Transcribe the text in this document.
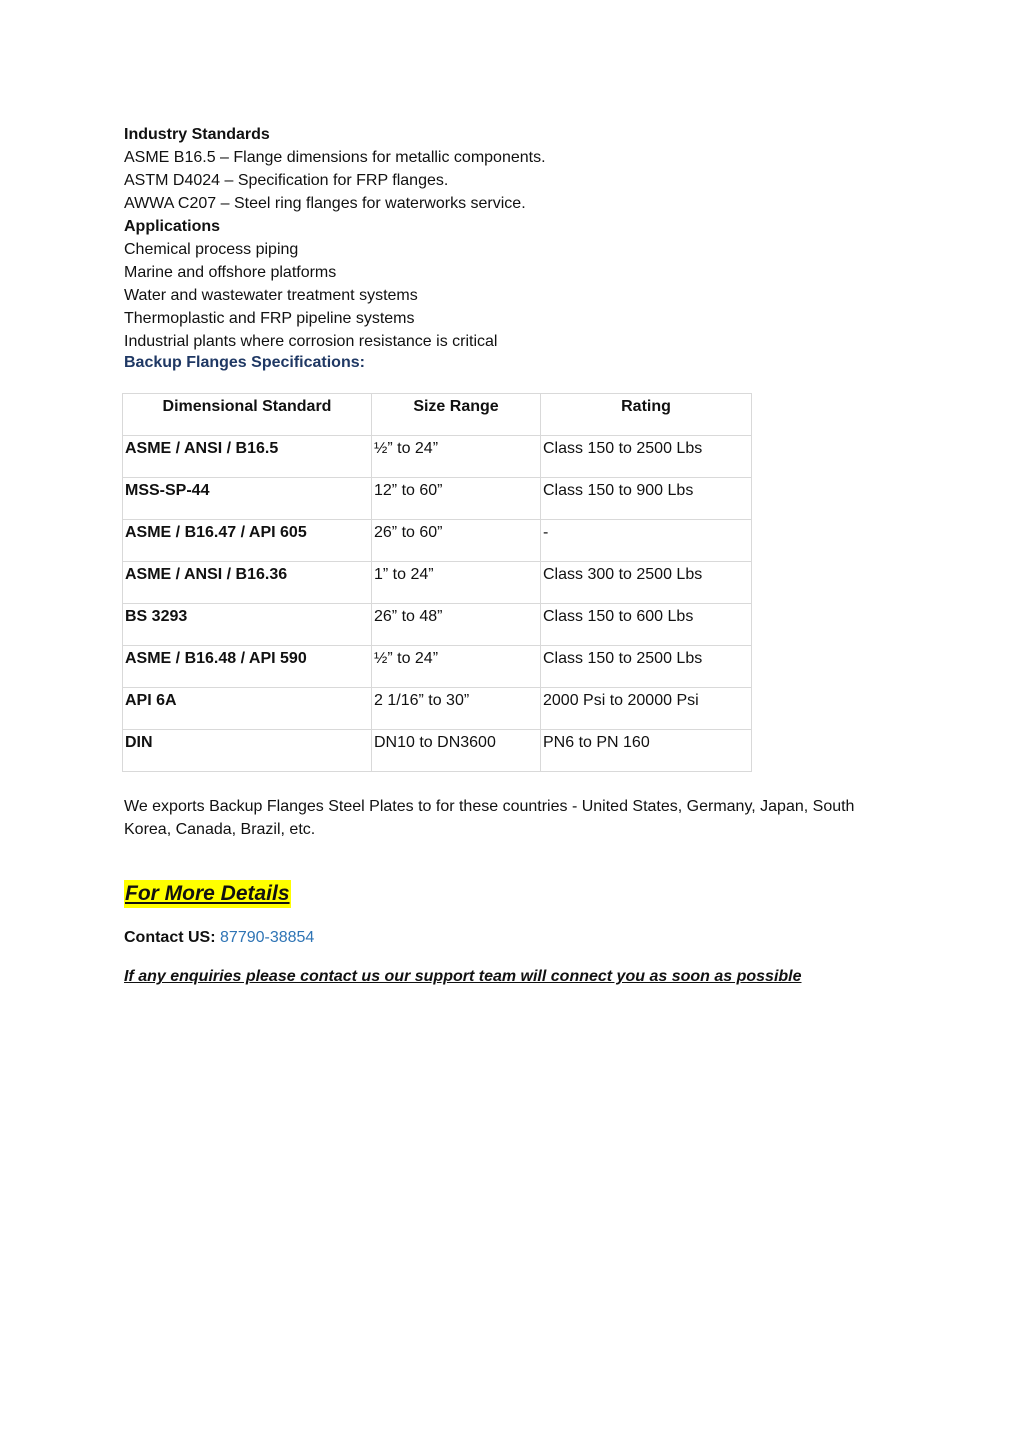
Industry Standards
ASME B16.5 – Flange dimensions for metallic components.
ASTM D4024 – Specification for FRP flanges.
AWWA C207 – Steel ring flanges for waterworks service.
Applications
Chemical process piping
Marine and offshore platforms
Water and wastewater treatment systems
Thermoplastic and FRP pipeline systems
Industrial plants where corrosion resistance is critical
Backup Flanges Specifications:
Dimensional Standard	Size Range	Rating
ASME / ANSI / B16.5	½” to 24”	Class 150 to 2500 Lbs
MSS-SP-44	12” to 60”	Class 150 to 900 Lbs
ASME / B16.47 / API 605	26” to 60”	-
ASME / ANSI / B16.36	1” to 24”	Class 300 to 2500 Lbs
BS 3293	26” to 48”	Class 150 to 600 Lbs
ASME / B16.48 / API 590	½” to 24”	Class 150 to 2500 Lbs
API 6A	2 1/16” to 30”	2000 Psi to 20000 Psi
DIN	DN10 to DN3600	PN6 to PN 160
We exports Backup Flanges Steel Plates to for these countries - United States, Germany, Japan, South Korea, Canada, Brazil, etc.
For More Details
Contact US: 87790-38854
If any enquiries please contact us our support team will connect you as soon as possible
